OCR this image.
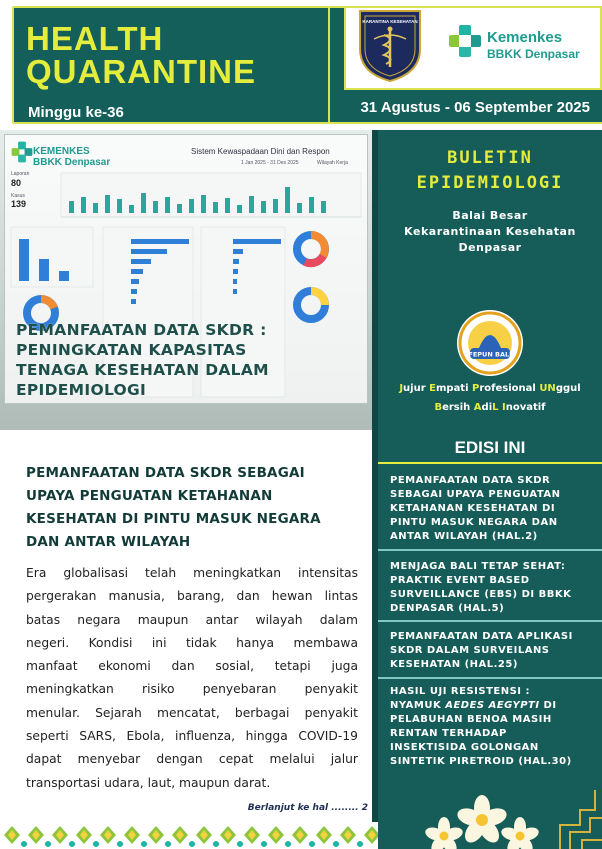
HEALTH
QUARANTINE
Minggu ke-36
KARANTINA KESEHATAN
Kemenkes
BBKK Denpasar
31 Agustus - 06 September 2025
KEMENKES
BBKK Denpasar
Sistem Kewaspadaan Dini dan Respon
1 Jan 2025 - 31 Des 2025	Wilayah Kerja
Laporan
80
Kasus
139
PEMANFAATAN DATA SKDR :
PENINGKATAN KAPASITAS
TENAGA KESEHATAN DALAM
EPIDEMIOLOGI
BULETIN
EPIDEMIOLOGI
Balai Besar
Kekarantinaan Kesehatan
Denpasar
FEPUN BALI
Jujur Empati Profesional UNggul
Bersih AdiL Inovatif
EDISI INI
PEMANFAATAN DATA SKDR
SEBAGAI UPAYA PENGUATAN
KETAHANAN KESEHATAN DI
PINTU MASUK NEGARA DAN
ANTAR WILAYAH (HAL.2)
MENJAGA BALI TETAP SEHAT:
PRAKTIK EVENT BASED
SURVEILLANCE (EBS) DI BBKK
DENPASAR (HAL.5)
PEMANFAATAN DATA APLIKASI
SKDR DALAM SURVEILANS
KESEHATAN (HAL.25)
HASIL UJI RESISTENSI :
NYAMUK AEDES AEGYPTI DI
PELABUHAN BENOA MASIH
RENTAN TERHADAP
INSEKTISIDA GOLONGAN
SINTETIK PIRETROID (HAL.30)
PEMANFAATAN DATA SKDR SEBAGAI
UPAYA PENGUATAN KETAHANAN
KESEHATAN DI PINTU MASUK NEGARA
DAN ANTAR WILAYAH
Era globalisasi telah meningkatkan intensitas
pergerakan manusia, barang, dan hewan lintas
batas negara maupun antar wilayah dalam
negeri. Kondisi ini tidak hanya membawa
manfaat ekonomi dan sosial, tetapi juga
meningkatkan risiko penyebaran penyakit
menular. Sejarah mencatat, berbagai penyakit
seperti SARS, Ebola, influenza, hingga COVID-19
dapat menyebar dengan cepat melalui jalur
transportasi udara, laut, maupun darat.
Berlanjut ke hal ........ 2
